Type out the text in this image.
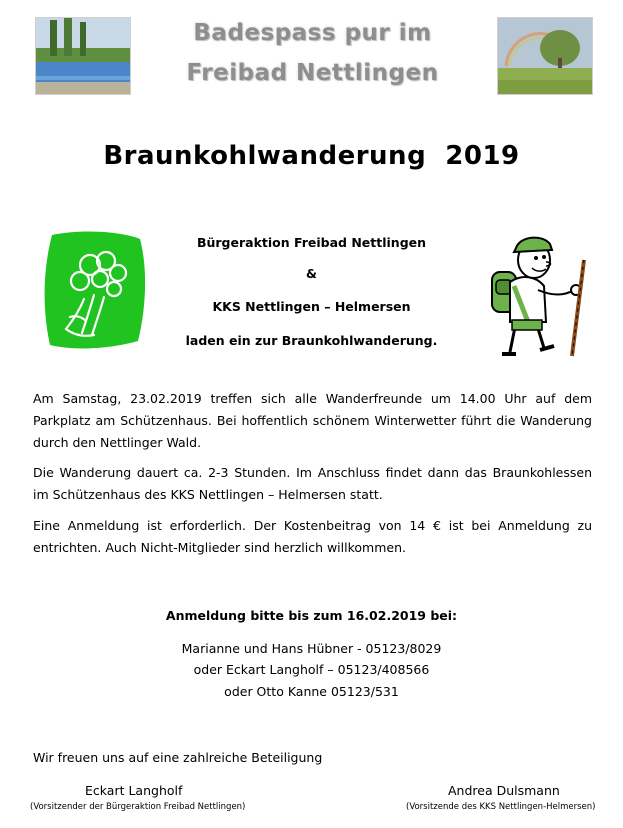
Badespass pur im
Freibad Nettlingen
Braunkohlwanderung  2019
Bürgeraktion Freibad Nettlingen
&
KKS Nettlingen – Helmersen
laden ein zur Braunkohlwanderung.

Am Samstag, 23.02.2019 treffen sich alle Wanderfreunde um 14.00 Uhr auf dem Parkplatz am Schützenhaus. Bei hoffentlich schönem Winterwetter führt die Wanderung durch den Nettlinger Wald.

Die Wanderung dauert ca. 2-3 Stunden. Im Anschluss findet dann das Braunkohlessen im Schützenhaus des KKS Nettlingen – Helmersen statt.

Eine Anmeldung ist erforderlich. Der Kostenbeitrag von 14 € ist bei Anmeldung zu entrichten. Auch Nicht-Mitglieder sind herzlich willkommen.

Anmeldung bitte bis zum 16.02.2019 bei:
Marianne und Hans Hübner - 05123/8029
oder Eckart Langholf – 05123/408566
oder Otto Kanne 05123/531
Wir freuen uns auf eine zahlreiche Beteiligung
Eckart Langholf
(Vorsitzender der Bürgeraktion Freibad Nettlingen)
Andrea Dulsmann
(Vorsitzende des KKS Nettlingen-Helmersen)
